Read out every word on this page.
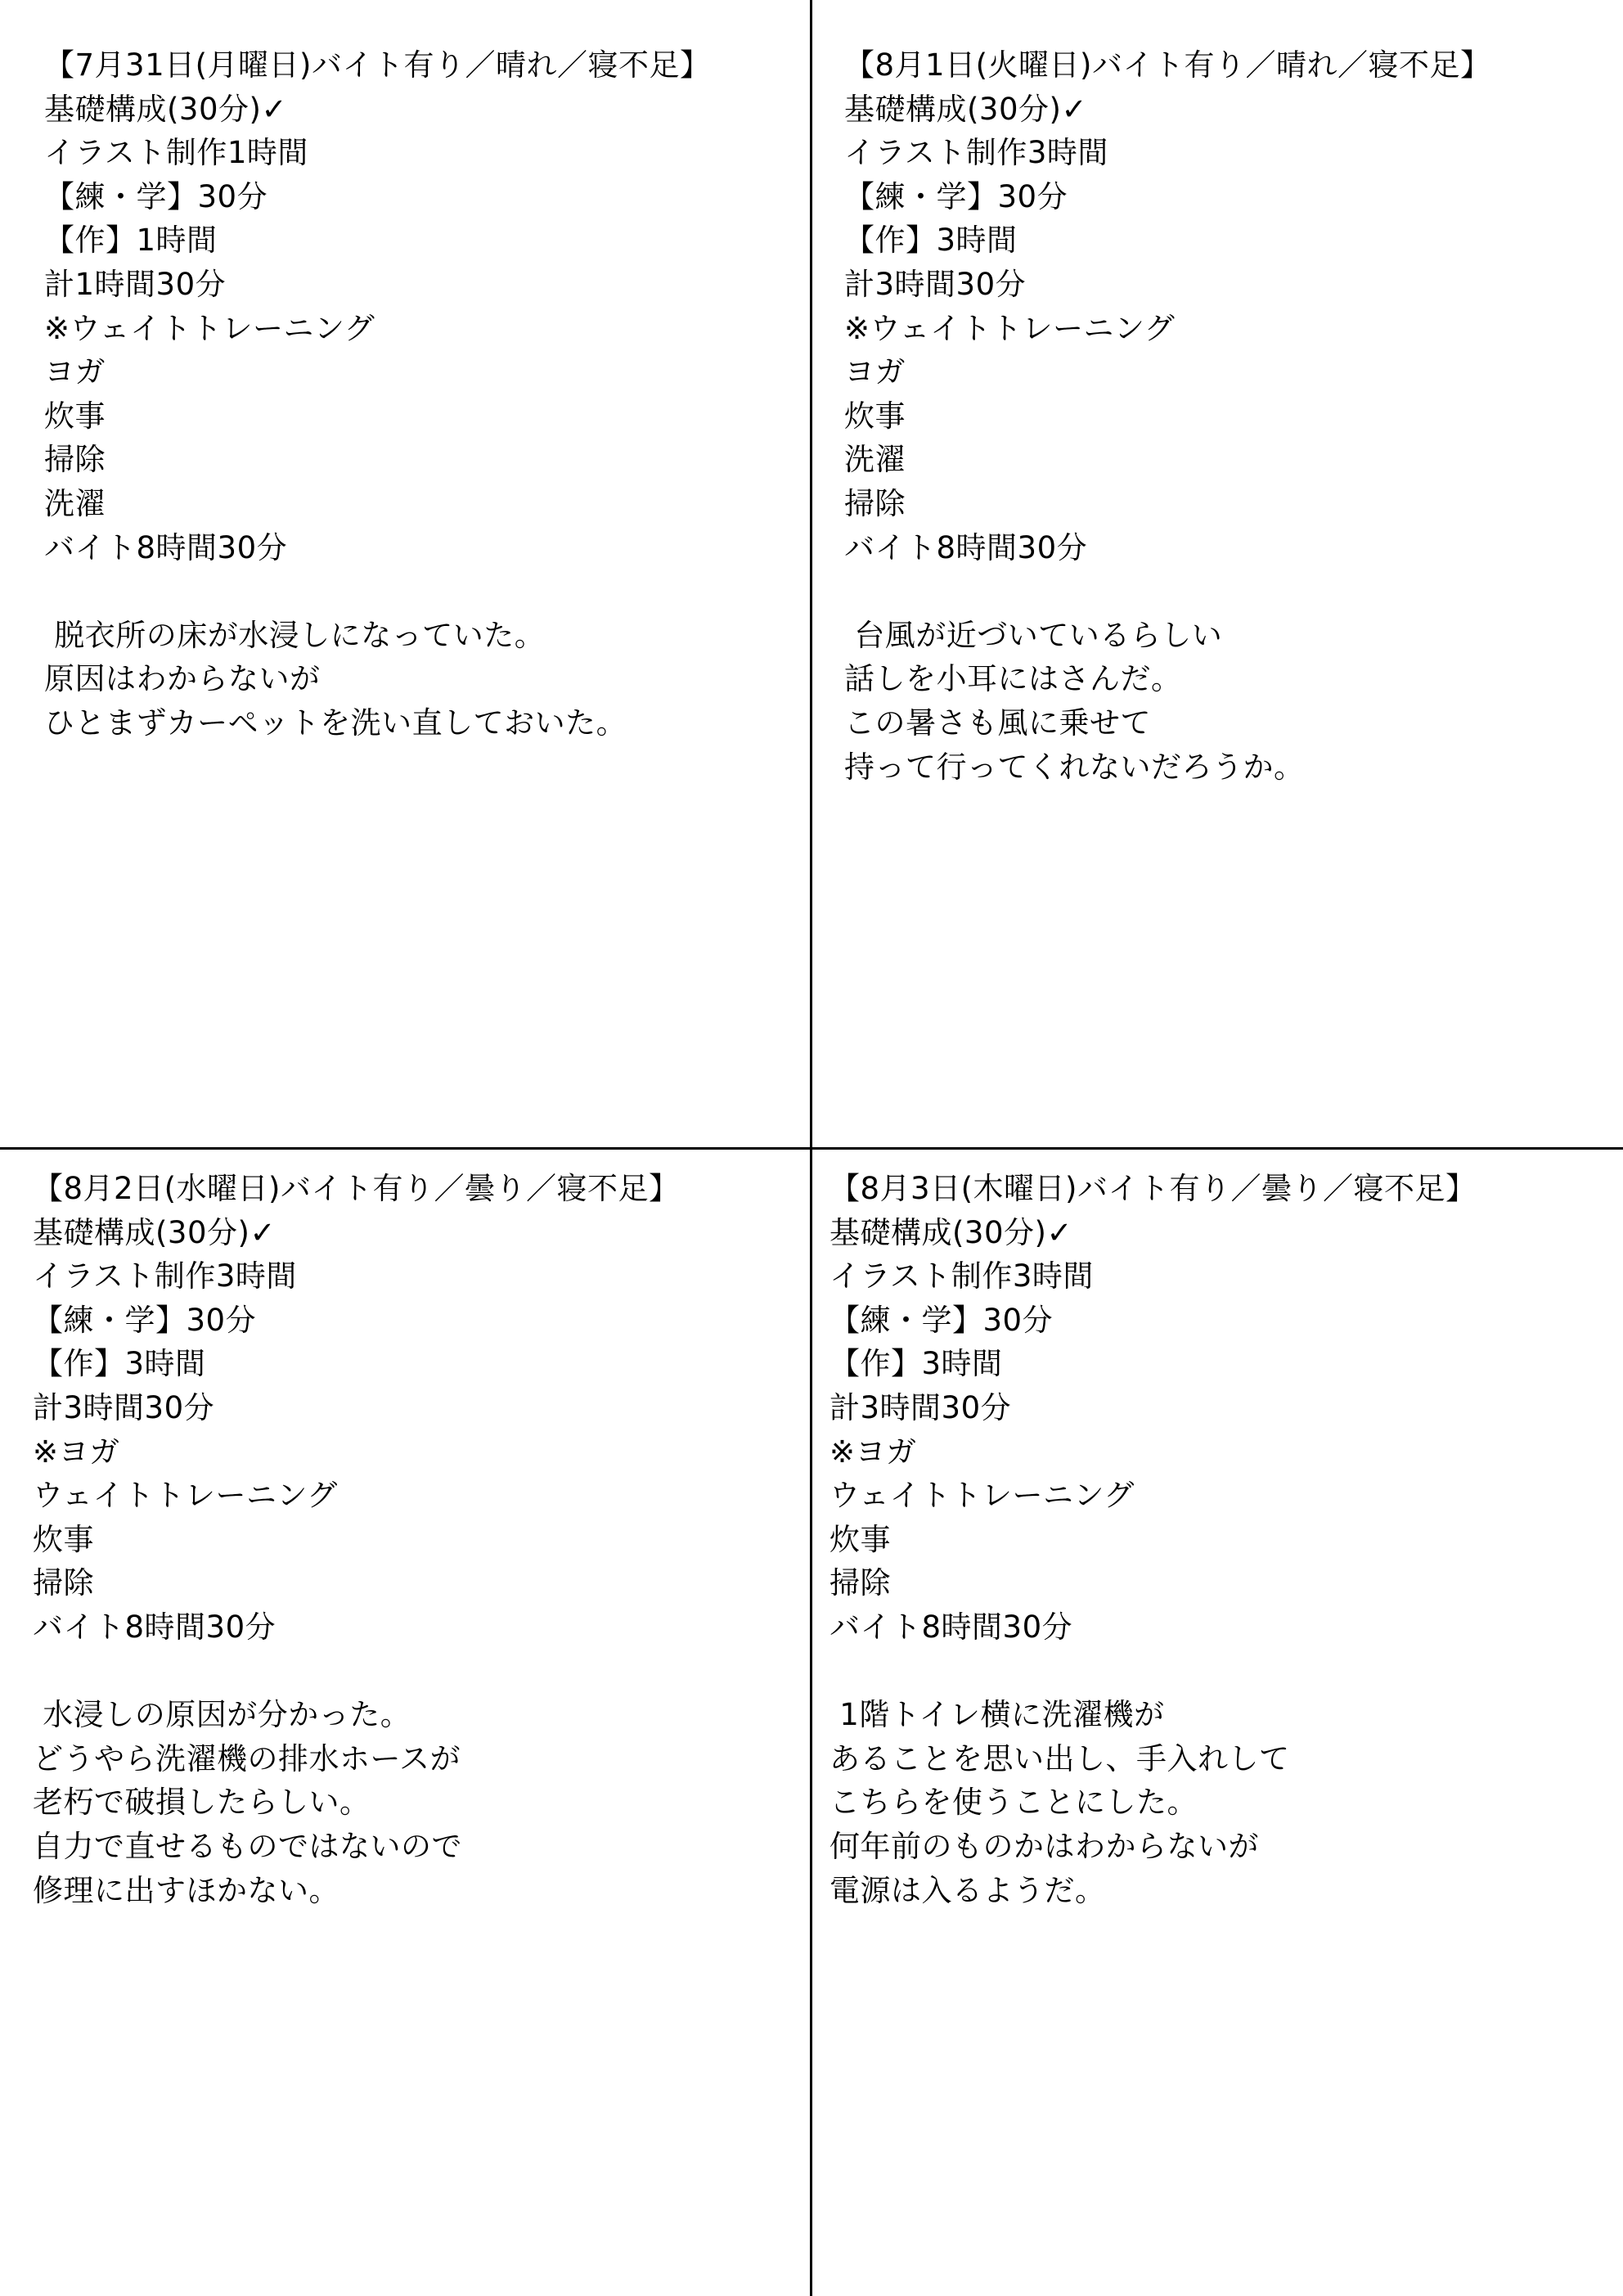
【7月31日(月曜日)バイト有り／晴れ／寝不足】
基礎構成(30分)✓
イラスト制作1時間
【練・学】30分
【作】1時間
計1時間30分
※ウェイトトレーニング
ヨガ
炊事
掃除
洗濯
バイト8時間30分
脱衣所の床が水浸しになっていた。
原因はわからないが
ひとまずカーペットを洗い直しておいた。
【8月1日(火曜日)バイト有り／晴れ／寝不足】
基礎構成(30分)✓
イラスト制作3時間
【練・学】30分
【作】3時間
計3時間30分
※ウェイトトレーニング
ヨガ
炊事
洗濯
掃除
バイト8時間30分
台風が近づいているらしい
話しを小耳にはさんだ。
この暑さも風に乗せて
持って行ってくれないだろうか。
【8月2日(水曜日)バイト有り／曇り／寝不足】
基礎構成(30分)✓
イラスト制作3時間
【練・学】30分
【作】3時間
計3時間30分
※ヨガ
ウェイトトレーニング
炊事
掃除
バイト8時間30分
水浸しの原因が分かった。
どうやら洗濯機の排水ホースが
老朽で破損したらしい。
自力で直せるものではないので
修理に出すほかない。
【8月3日(木曜日)バイト有り／曇り／寝不足】
基礎構成(30分)✓
イラスト制作3時間
【練・学】30分
【作】3時間
計3時間30分
※ヨガ
ウェイトトレーニング
炊事
掃除
バイト8時間30分
1階トイレ横に洗濯機が
あることを思い出し、手入れして
こちらを使うことにした。
何年前のものかはわからないが
電源は入るようだ。
